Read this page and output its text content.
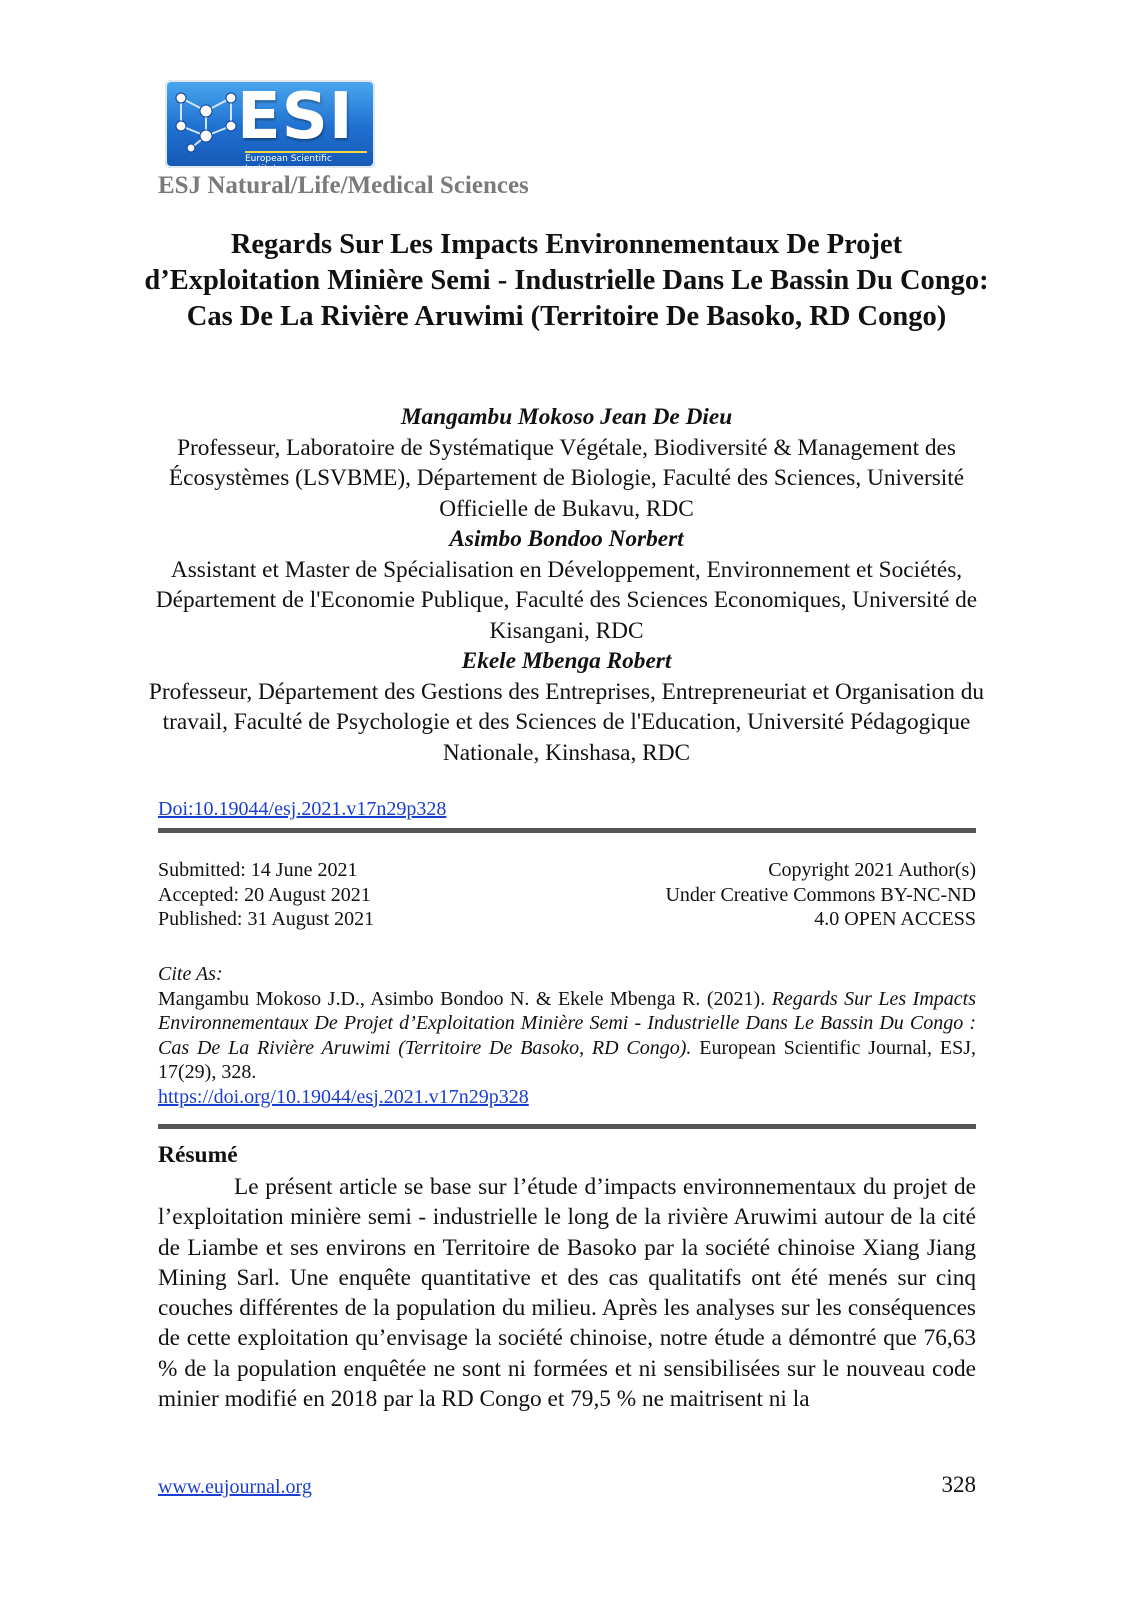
ESI
European Scientific Institute
ESJ Natural/Life/Medical Sciences
Regards Sur Les Impacts Environnementaux De Projet d’Exploitation Minière Semi - Industrielle Dans Le Bassin Du Congo: Cas De La Rivière Aruwimi (Territoire De Basoko, RD Congo)
Mangambu Mokoso Jean De Dieu
Professeur, Laboratoire de Systématique Végétale, Biodiversité & Management des Écosystèmes (LSVBME), Département de Biologie, Faculté des Sciences, Université Officielle de Bukavu, RDC
Asimbo Bondoo Norbert
Assistant et Master de Spécialisation en Développement, Environnement et Sociétés, Département de l'Economie Publique, Faculté des Sciences Economiques, Université de Kisangani, RDC
Ekele Mbenga Robert
Professeur, Département des Gestions des Entreprises, Entrepreneuriat et Organisation du travail, Faculté de Psychologie et des Sciences de l'Education, Université Pédagogique Nationale, Kinshasa, RDC
Doi:10.19044/esj.2021.v17n29p328
Submitted: 14 June 2021
Accepted: 20 August 2021
Published: 31 August 2021
Copyright 2021 Author(s)
Under Creative Commons BY-NC-ND
4.0 OPEN ACCESS
Cite As:
Mangambu Mokoso J.D., Asimbo Bondoo N. & Ekele Mbenga R. (2021). Regards Sur Les Impacts Environnementaux De Projet d’Exploitation Minière Semi - Industrielle Dans Le Bassin Du Congo : Cas De La Rivière Aruwimi (Territoire De Basoko, RD Congo). European Scientific Journal, ESJ, 17(29), 328.
https://doi.org/10.19044/esj.2021.v17n29p328
Résumé

Le présent article se base sur l’étude d’impacts environnementaux du projet de l’exploitation minière semi - industrielle le long de la rivière Aruwimi autour de la cité de Liambe et ses environs en Territoire de Basoko par la société chinoise Xiang Jiang Mining Sarl. Une enquête quantitative et des cas qualitatifs ont été menés sur cinq couches différentes de la population du milieu. Après les analyses sur les conséquences de cette exploitation qu’envisage la société chinoise, notre étude a démontré que 76,63 % de la population enquêtée ne sont ni formées et ni sensibilisées sur le nouveau code minier modifié en 2018 par la RD Congo et 79,5 % ne maitrisent ni la

www.eujournal.org	328
